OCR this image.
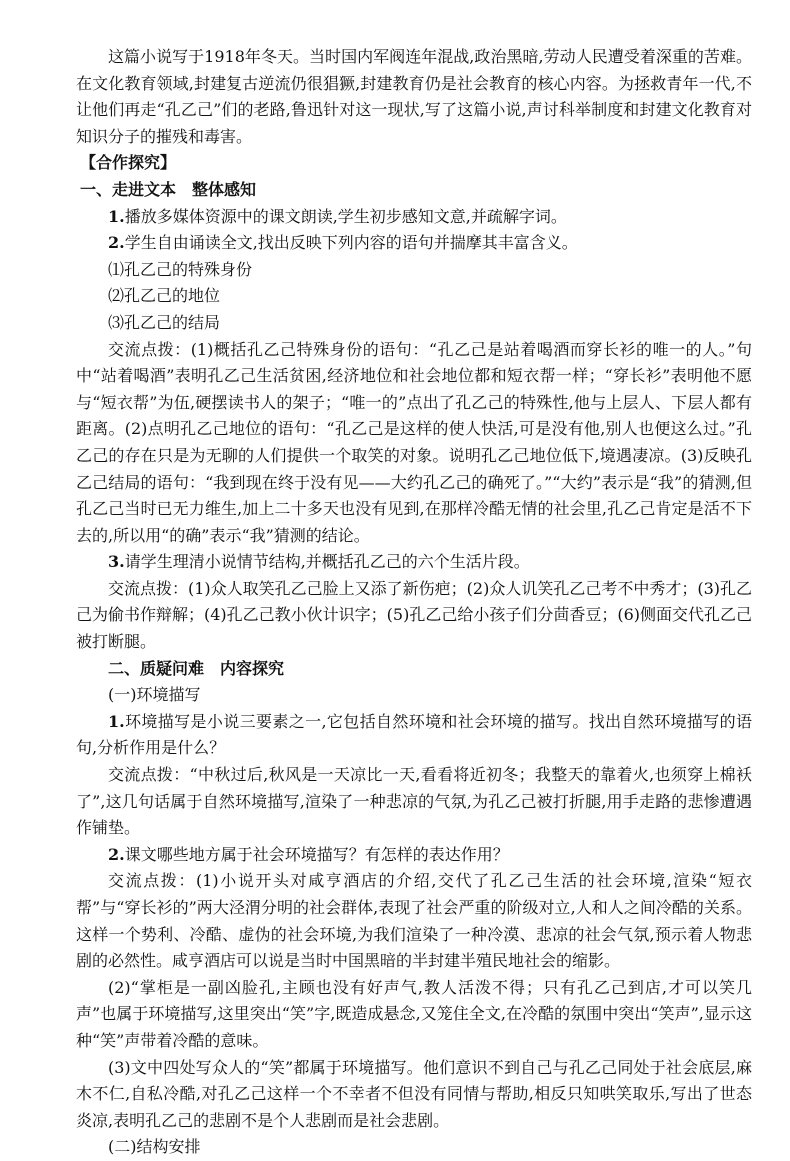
这篇小说写于1918年冬天。当时国内军阀连年混战,政治黑暗,劳动人民遭受着深重的苦难。在文化教育领域,封建复古逆流仍很猖獗,封建教育仍是社会教育的核心内容。为拯救青年一代,不让他们再走“孔乙己”们的老路,鲁迅针对这一现状,写了这篇小说,声讨科举制度和封建文化教育对知识分子的摧残和毒害。

【合作探究】

一、走进文本　整体感知

1.播放多媒体资源中的课文朗读,学生初步感知文意,并疏解字词。

2.学生自由诵读全文,找出反映下列内容的语句并揣摩其丰富含义。

⑴孔乙己的特殊身份

⑵孔乙己的地位

⑶孔乙己的结局

交流点拨：(1)概括孔乙己特殊身份的语句：“孔乙己是站着喝酒而穿长衫的唯一的人。”句中“站着喝酒”表明孔乙己生活贫困,经济地位和社会地位都和短衣帮一样；“穿长衫”表明他不愿与“短衣帮”为伍,硬摆读书人的架子；“唯一的”点出了孔乙己的特殊性,他与上层人、下层人都有距离。(2)点明孔乙己地位的语句：“孔乙己是这样的使人快活,可是没有他,别人也便这么过。”孔乙己的存在只是为无聊的人们提供一个取笑的对象。说明孔乙己地位低下,境遇凄凉。(3)反映孔乙己结局的语句：“我到现在终于没有见——大约孔乙己的确死了。”“大约”表示是“我”的猜测,但孔乙己当时已无力维生,加上二十多天也没有见到,在那样冷酷无情的社会里,孔乙己肯定是活不下去的,所以用“的确”表示“我”猜测的结论。

3.请学生理清小说情节结构,并概括孔乙己的六个生活片段。

交流点拨：(1)众人取笑孔乙己脸上又添了新伤疤；(2)众人讥笑孔乙己考不中秀才；(3)孔乙己为偷书作辩解；(4)孔乙己教小伙计识字；(5)孔乙己给小孩子们分茴香豆；(6)侧面交代孔乙己被打断腿。

二、质疑问难　内容探究

(一)环境描写

1.环境描写是小说三要素之一,它包括自然环境和社会环境的描写。找出自然环境描写的语句,分析作用是什么？

交流点拨：“中秋过后,秋风是一天凉比一天,看看将近初冬；我整天的靠着火,也须穿上棉袄了”,这几句话属于自然环境描写,渲染了一种悲凉的气氛,为孔乙己被打折腿,用手走路的悲惨遭遇作铺垫。

2.课文哪些地方属于社会环境描写？有怎样的表达作用？

交流点拨：(1)小说开头对咸亨酒店的介绍,交代了孔乙己生活的社会环境,渲染“短衣帮”与“穿长衫的”两大泾渭分明的社会群体,表现了社会严重的阶级对立,人和人之间冷酷的关系。这样一个势利、冷酷、虚伪的社会环境,为我们渲染了一种冷漠、悲凉的社会气氛,预示着人物悲剧的必然性。咸亨酒店可以说是当时中国黑暗的半封建半殖民地社会的缩影。

(2)“掌柜是一副凶脸孔,主顾也没有好声气,教人活泼不得；只有孔乙己到店,才可以笑几声”也属于环境描写,这里突出“笑”字,既造成悬念,又笼住全文,在冷酷的氛围中突出“笑声”,显示这种“笑”声带着冷酷的意味。

(3)文中四处写众人的“笑”都属于环境描写。他们意识不到自己与孔乙己同处于社会底层,麻木不仁,自私冷酷,对孔乙己这样一个不幸者不但没有同情与帮助,相反只知哄笑取乐,写出了世态炎凉,表明孔乙己的悲剧不是个人悲剧而是社会悲剧。

(二)结构安排
